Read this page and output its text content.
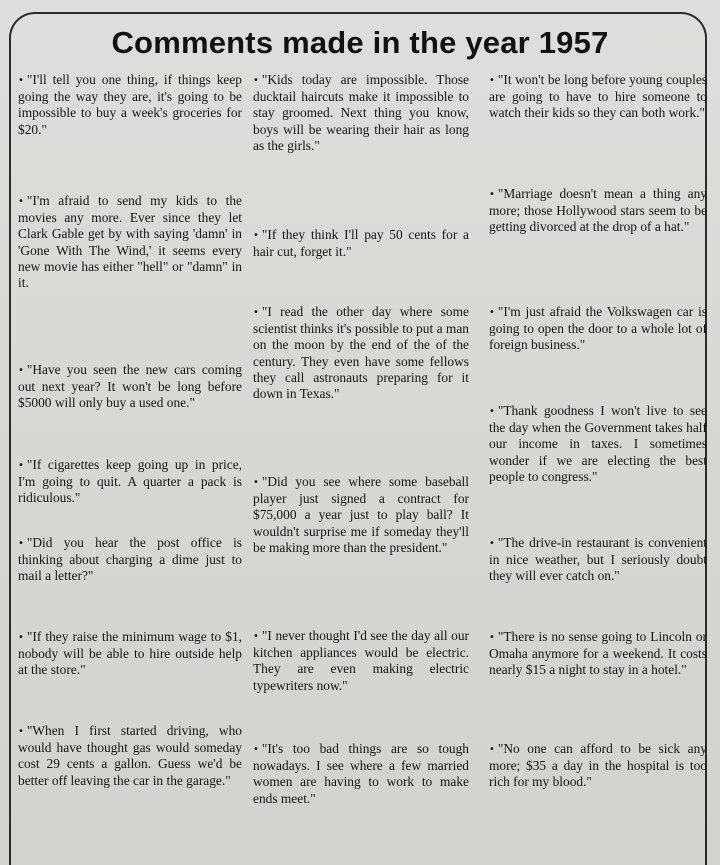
Comments made in the year 1957
• "I'll tell you one thing, if things keep going the way they are, it's going to be impossible to buy a week's groceries for $20."
• "I'm afraid to send my kids to the movies any more. Ever since they let Clark Gable get by with saying 'damn' in 'Gone With The Wind,' it seems every new movie has either "hell" or "damn" in it.
• "Have you seen the new cars coming out next year? It won't be long before $5000 will only buy a used one."
• "If cigarettes keep going up in price, I'm going to quit. A quarter a pack is ridiculous."
• "Did you hear the post office is thinking about charging a dime just to mail a letter?"
• "If they raise the minimum wage to $1, nobody will be able to hire outside help at the store."
• "When I first started driving, who would have thought gas would someday cost 29 cents a gallon. Guess we'd be better off leaving the car in the garage."
• "Kids today are impossible. Those ducktail haircuts make it impossible to stay groomed. Next thing you know, boys will be wearing their hair as long as the girls."
• "If they think I'll pay 50 cents for a hair cut, forget it."
• "I read the other day where some scientist thinks it's possible to put a man on the moon by the end of the of the century. They even have some fellows they call astronauts preparing for it down in Texas."
• "Did you see where some baseball player just signed a contract for $75,000 a year just to play ball? It wouldn't surprise me if someday they'll be making more than the president."
• "I never thought I'd see the day all our kitchen appliances would be electric. They are even making electric typewriters now."
• "It's too bad things are so tough nowadays. I see where a few married women are having to work to make ends meet."
• "It won't be long before young couples are going to have to hire someone to watch their kids so they can both work."
• "Marriage doesn't mean a thing any more; those Hollywood stars seem to be getting divorced at the drop of a hat."
• "I'm just afraid the Volkswagen car is going to open the door to a whole lot of foreign business."
• "Thank goodness I won't live to see the day when the Government takes half our income in taxes. I sometimes wonder if we are electing the best people to congress."
• "The drive-in restaurant is convenient in nice weather, but I seriously doubt they will ever catch on."
• "There is no sense going to Lincoln or Omaha anymore for a weekend. It costs nearly $15 a night to stay in a hotel."
• "No one can afford to be sick any more; $35 a day in the hospital is too rich for my blood."
